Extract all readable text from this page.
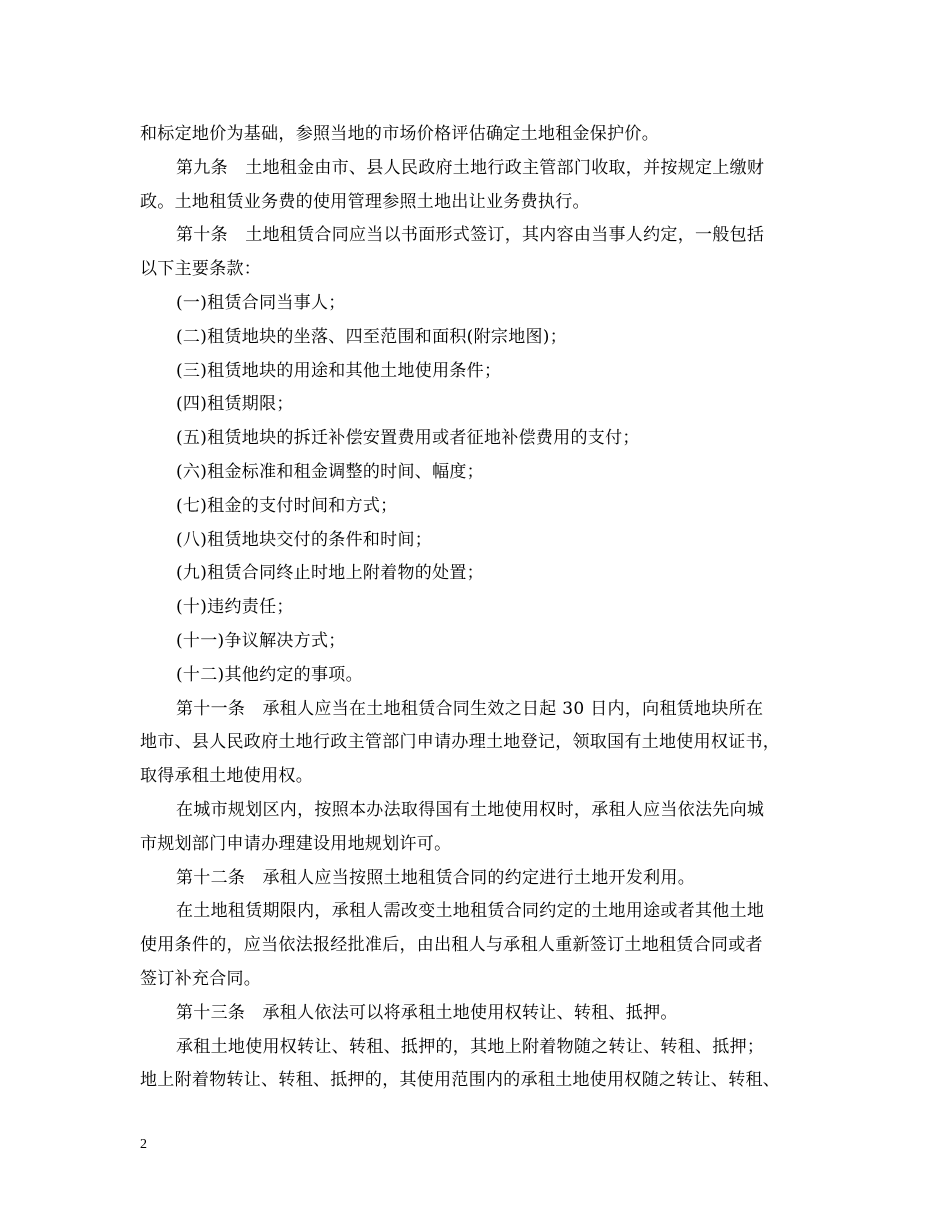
和标定地价为基础，参照当地的市场价格评估确定土地租金保护价。
第九条　土地租金由市、县人民政府土地行政主管部门收取，并按规定上缴财
政。土地租赁业务费的使用管理参照土地出让业务费执行。
第十条　土地租赁合同应当以书面形式签订，其内容由当事人约定，一般包括
以下主要条款：
(一)租赁合同当事人；
(二)租赁地块的坐落、四至范围和面积(附宗地图)；
(三)租赁地块的用途和其他土地使用条件；
(四)租赁期限；
(五)租赁地块的拆迁补偿安置费用或者征地补偿费用的支付；
(六)租金标准和租金调整的时间、幅度；
(七)租金的支付时间和方式；
(八)租赁地块交付的条件和时间；
(九)租赁合同终止时地上附着物的处置；
(十)违约责任；
(十一)争议解决方式；
(十二)其他约定的事项。
第十一条　承租人应当在土地租赁合同生效之日起 30 日内，向租赁地块所在
地市、县人民政府土地行政主管部门申请办理土地登记，领取国有土地使用权证书，
取得承租土地使用权。
在城市规划区内，按照本办法取得国有土地使用权时，承租人应当依法先向城
市规划部门申请办理建设用地规划许可。
第十二条　承租人应当按照土地租赁合同的约定进行土地开发利用。
在土地租赁期限内，承租人需改变土地租赁合同约定的土地用途或者其他土地
使用条件的，应当依法报经批准后，由出租人与承租人重新签订土地租赁合同或者
签订补充合同。
第十三条　承租人依法可以将承租土地使用权转让、转租、抵押。
承租土地使用权转让、转租、抵押的，其地上附着物随之转让、转租、抵押；
地上附着物转让、转租、抵押的，其使用范围内的承租土地使用权随之转让、转租、
2
